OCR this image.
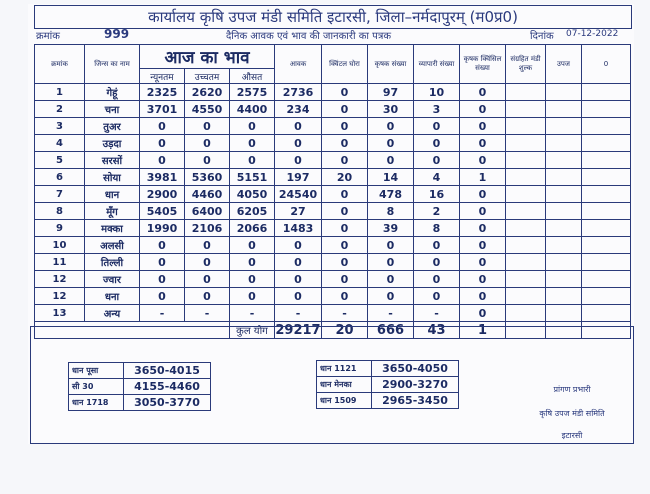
कार्यालय कृषि उपज मंडी समिति इटारसी, जिला–नर्मदापुरम् (म0प्र0)
क्रमांक	999	दैनिक आवक एवं भाव की जानकारी का पत्रक	दिनांक 07-12-2022
क्रमांक	जिन्स का नाम	आज का भाव			आवक	क्विंटल घोरा	कृषक संख्या	व्यापारी संख्या	कृषक क्विंसिल संख्या	संग्रहित मंडी शुल्क	उपज	0
		न्यूनतम	उच्चतम	औसत								
1	गेहूं	2325	2620	2575	2736	0	97	10	0			
2	चना	3701	4550	4400	234	0	30	3	0			
3	तुअर	0	0	0	0	0	0	0	0			
4	उड़दा	0	0	0	0	0	0	0	0			
5	सरसों	0	0	0	0	0	0	0	0			
6	सोया	3981	5360	5151	197	20	14	4	1			
7	धान	2900	4460	4050	24540	0	478	16	0			
8	मूँग	5405	6400	6205	27	0	8	2	0			
9	मक्का	1990	2106	2066	1483	0	39	8	0			
10	अलसी	0	0	0	0	0	0	0	0			
11	तिल्ली	0	0	0	0	0	0	0	0			
12	ज्वार	0	0	0	0	0	0	0	0			
12	धना	0	0	0	0	0	0	0	0			
13	अन्य	-	-	-	-	-	-	-	0			
				कुल योग	29217	20	666	43	1			
धान पूसा	3650-4015
सी 30	4155-4460
धान 1718	3050-3770
धान 1121	3650-4050
धान मेनका	2900-3270
धान 1509	2965-3450
प्रांगण प्रभारी
कृषि उपज मंडी समिति
इटारसी
